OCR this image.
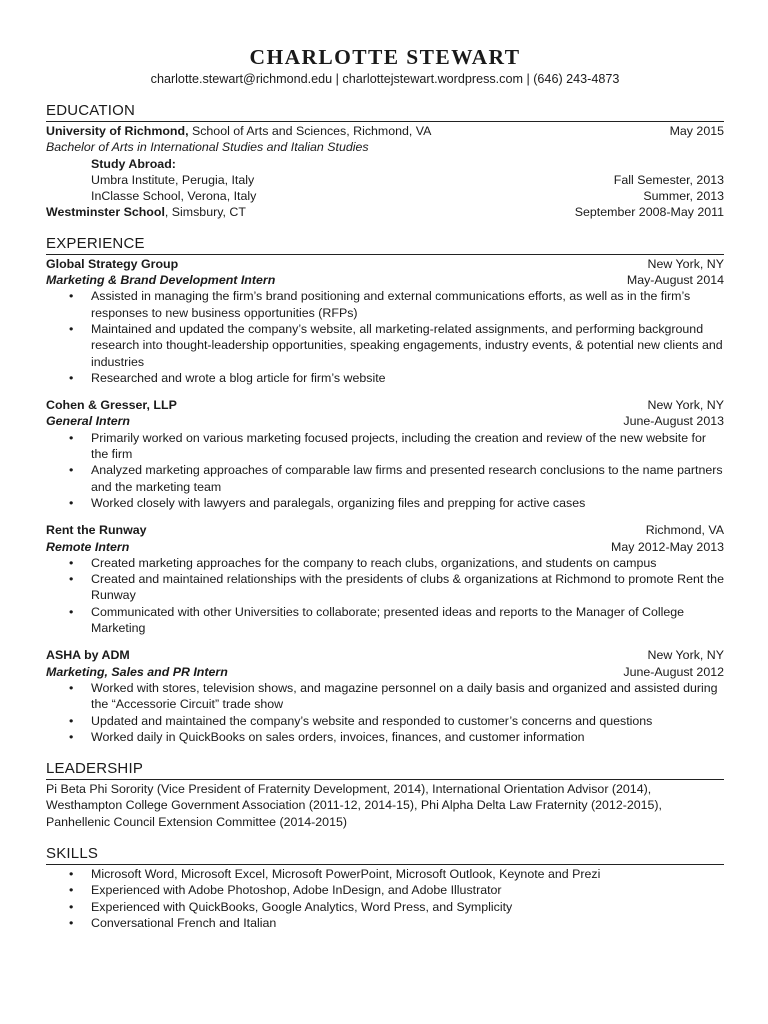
CHARLOTTE STEWART
charlotte.stewart@richmond.edu | charlottejstewart.wordpress.com | (646) 243-4873
EDUCATION
University of Richmond, School of Arts and Sciences, Richmond, VA	May 2015
Bachelor of Arts in International Studies and Italian Studies
Study Abroad:
Umbra Institute, Perugia, Italy	Fall Semester, 2013
InClasse School, Verona, Italy	Summer, 2013
Westminster School, Simsbury, CT	September 2008-May 2011
EXPERIENCE
Global Strategy Group	New York, NY
Marketing & Brand Development Intern	May-August 2014
• Assisted in managing the firm’s brand positioning and external communications efforts, as well as in the firm’s responses to new business opportunities (RFPs)
• Maintained and updated the company’s website, all marketing-related assignments, and performing background research into thought-leadership opportunities, speaking engagements, industry events, & potential new clients and industries
• Researched and wrote a blog article for firm’s website
Cohen & Gresser, LLP	New York, NY
General Intern	June-August 2013
• Primarily worked on various marketing focused projects, including the creation and review of the new website for the firm
• Analyzed marketing approaches of comparable law firms and presented research conclusions to the name partners and the marketing team
• Worked closely with lawyers and paralegals, organizing files and prepping for active cases
Rent the Runway	Richmond, VA
Remote Intern	May 2012-May 2013
• Created marketing approaches for the company to reach clubs, organizations, and students on campus
• Created and maintained relationships with the presidents of clubs & organizations at Richmond to promote Rent the Runway
• Communicated with other Universities to collaborate; presented ideas and reports to the Manager of College Marketing
ASHA by ADM	New York, NY
Marketing, Sales and PR Intern	June-August 2012
• Worked with stores, television shows, and magazine personnel on a daily basis and organized and assisted during the “Accessorie Circuit” trade show
• Updated and maintained the company’s website and responded to customer’s concerns and questions
• Worked daily in QuickBooks on sales orders, invoices, finances, and customer information
LEADERSHIP

Pi Beta Phi Sorority (Vice President of Fraternity Development, 2014), International Orientation Advisor (2014),

Westhampton College Government Association (2011-12, 2014-15), Phi Alpha Delta Law Fraternity (2012-2015),

Panhellenic Council Extension Committee (2014-2015)

SKILLS
• Microsoft Word, Microsoft Excel, Microsoft PowerPoint, Microsoft Outlook, Keynote and Prezi
• Experienced with Adobe Photoshop, Adobe InDesign, and Adobe Illustrator
• Experienced with QuickBooks, Google Analytics, Word Press, and Symplicity
• Conversational French and Italian
